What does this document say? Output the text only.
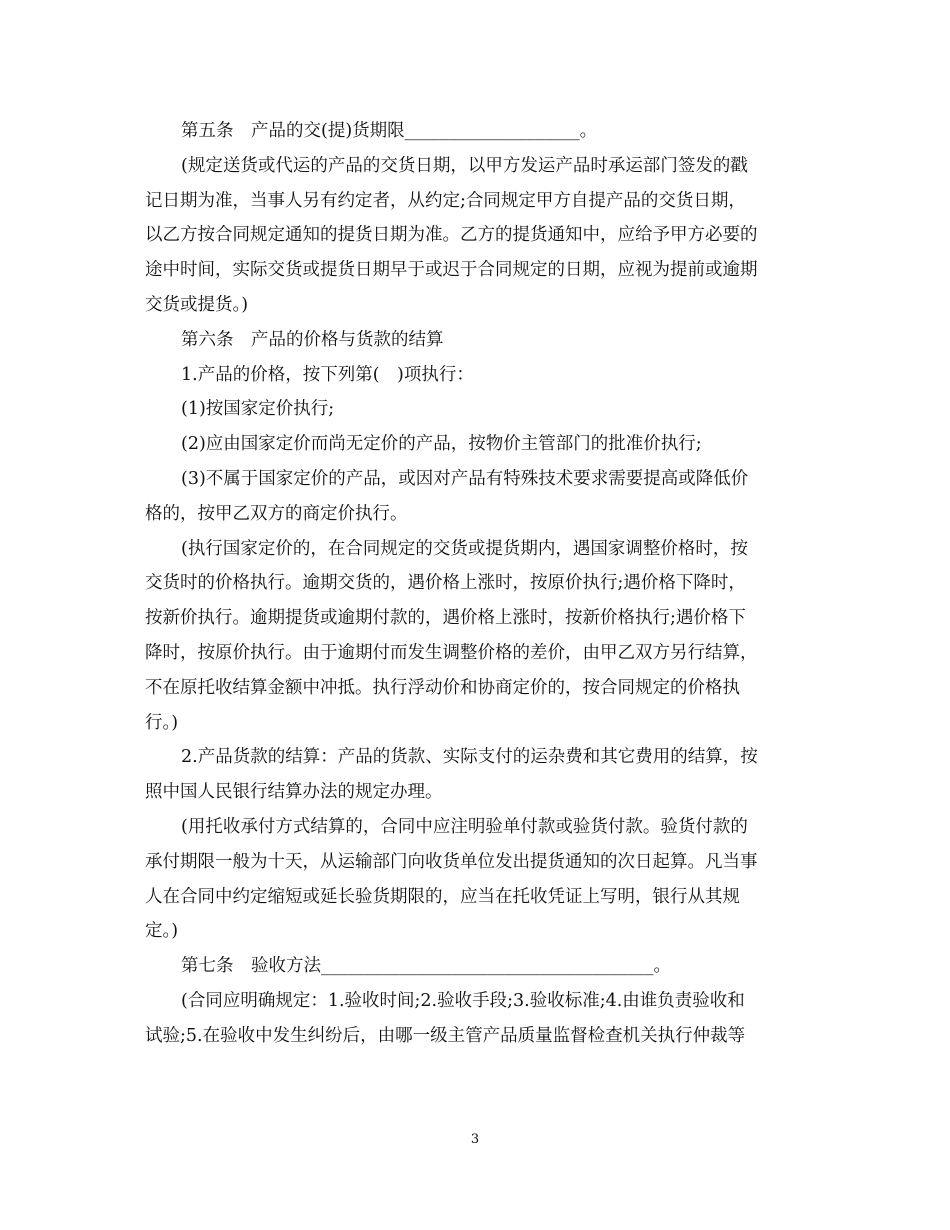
第五条　产品的交(提)货期限____________________。

(规定送货或代运的产品的交货日期，以甲方发运产品时承运部门签发的戳

记日期为准，当事人另有约定者，从约定;合同规定甲方自提产品的交货日期，

以乙方按合同规定通知的提货日期为准。乙方的提货通知中，应给予甲方必要的

途中时间，实际交货或提货日期早于或迟于合同规定的日期，应视为提前或逾期

交货或提货。)

第六条　产品的价格与货款的结算

1.产品的价格，按下列第(　)项执行：

(1)按国家定价执行;

(2)应由国家定价而尚无定价的产品，按物价主管部门的批准价执行;

(3)不属于国家定价的产品，或因对产品有特殊技术要求需要提高或降低价

格的，按甲乙双方的商定价执行。

(执行国家定价的，在合同规定的交货或提货期内，遇国家调整价格时，按

交货时的价格执行。逾期交货的，遇价格上涨时，按原价执行;遇价格下降时，

按新价执行。逾期提货或逾期付款的，遇价格上涨时，按新价格执行;遇价格下

降时，按原价执行。由于逾期付而发生调整价格的差价，由甲乙双方另行结算，

不在原托收结算金额中冲抵。执行浮动价和协商定价的，按合同规定的价格执

行。)

2.产品货款的结算：产品的货款、实际支付的运杂费和其它费用的结算，按

照中国人民银行结算办法的规定办理。

(用托收承付方式结算的，合同中应注明验单付款或验货付款。验货付款的

承付期限一般为十天，从运输部门向收货单位发出提货通知的次日起算。凡当事

人在合同中约定缩短或延长验货期限的，应当在托收凭证上写明，银行从其规

定。)

第七条　验收方法______________________________________。

(合同应明确规定：1.验收时间;2.验收手段;3.验收标准;4.由谁负责验收和

试验;5.在验收中发生纠纷后，由哪一级主管产品质量监督检查机关执行仲裁等

3
